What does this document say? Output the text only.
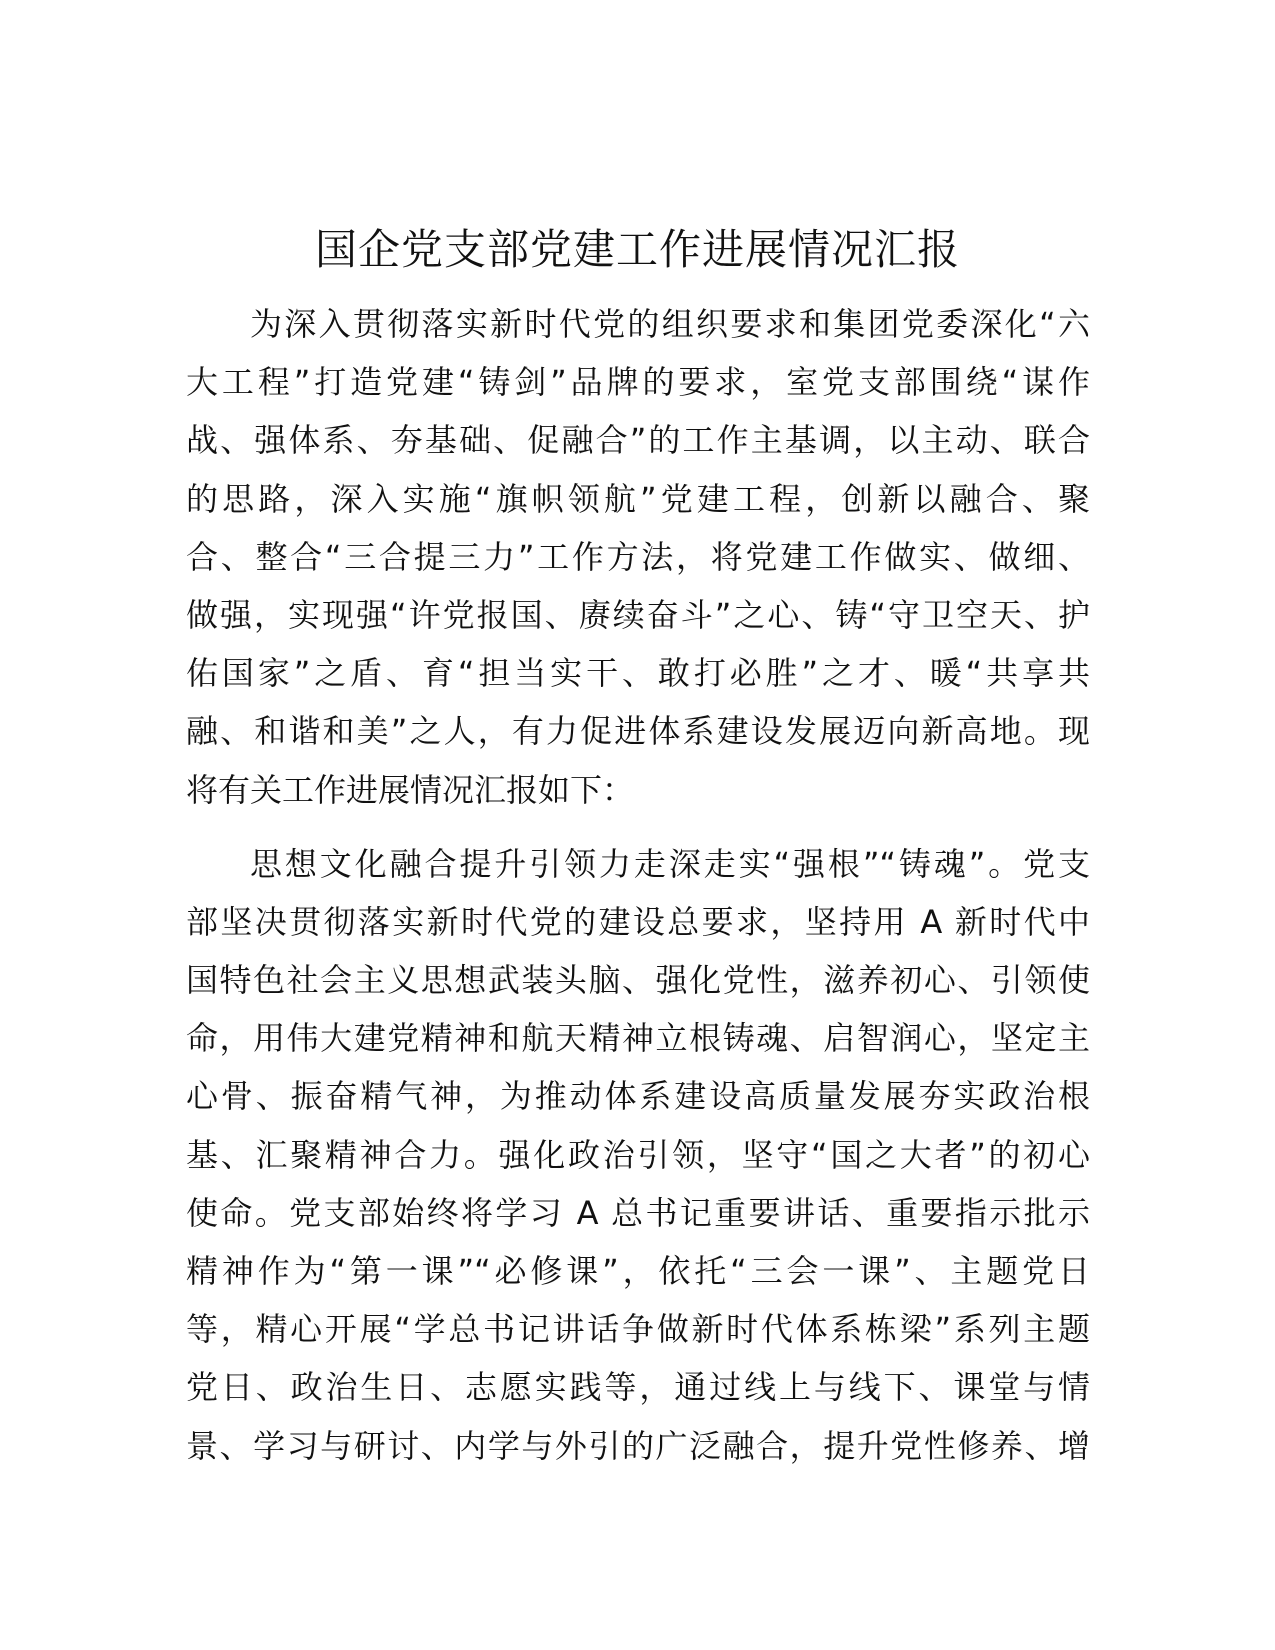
国企党支部党建工作进展情况汇报
为深入贯彻落实新时代党的组织要求和集团党委深化“六
大工程”打造党建“铸剑”品牌的要求，室党支部围绕“谋作
战、强体系、夯基础、促融合”的工作主基调，以主动、联合
的思路，深入实施“旗帜领航”党建工程，创新以融合、聚
合、整合“三合提三力”工作方法，将党建工作做实、做细、
做强，实现强“许党报国、赓续奋斗”之心、铸“守卫空天、护
佑国家”之盾、育“担当实干、敢打必胜”之才、暖“共享共
融、和谐和美”之人，有力促进体系建设发展迈向新高地。现
将有关工作进展情况汇报如下：
思想文化融合提升引领力走深走实“强根”“铸魂”。党支
部坚决贯彻落实新时代党的建设总要求，坚持用 A 新时代中
国特色社会主义思想武装头脑、强化党性，滋养初心、引领使
命，用伟大建党精神和航天精神立根铸魂、启智润心，坚定主
心骨、振奋精气神，为推动体系建设高质量发展夯实政治根
基、汇聚精神合力。强化政治引领，坚守“国之大者”的初心
使命。党支部始终将学习 A 总书记重要讲话、重要指示批示
精神作为“第一课”“必修课”，依托“三会一课”、主题党日
等，精心开展“学总书记讲话争做新时代体系栋梁”系列主题
党日、政治生日、志愿实践等，通过线上与线下、课堂与情
景、学习与研讨、内学与外引的广泛融合，提升党性修养、增
